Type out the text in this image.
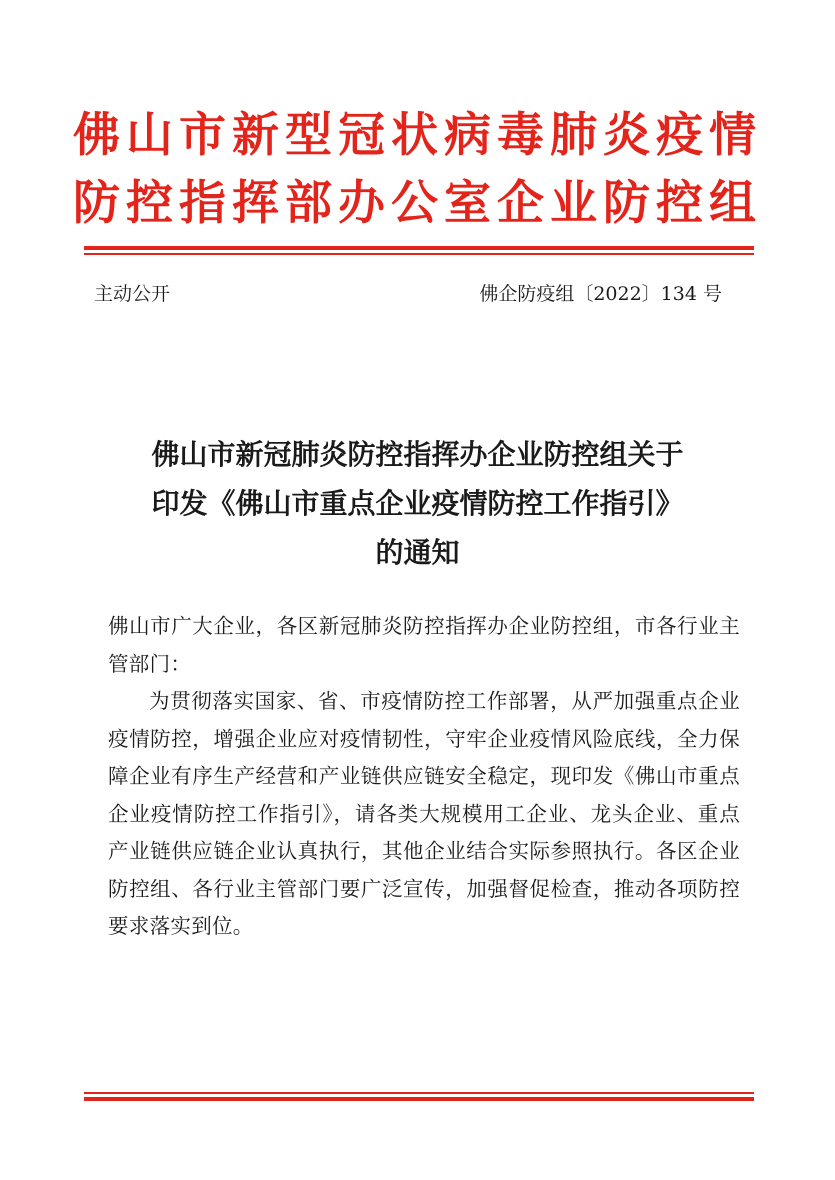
佛山市新型冠状病毒肺炎疫情
防控指挥部办公室企业防控组
主动公开	佛企防疫组〔2022〕134 号
佛山市新冠肺炎防控指挥办企业防控组关于
印发《佛山市重点企业疫情防控工作指引》
的通知

佛山市广大企业，各区新冠肺炎防控指挥办企业防控组，市各行业主管部门：

为贯彻落实国家、省、市疫情防控工作部署，从严加强重点企业疫情防控，增强企业应对疫情韧性，守牢企业疫情风险底线，全力保障企业有序生产经营和产业链供应链安全稳定，现印发《佛山市重点企业疫情防控工作指引》，请各类大规模用工企业、龙头企业、重点产业链供应链企业认真执行，其他企业结合实际参照执行。各区企业防控组、各行业主管部门要广泛宣传，加强督促检查，推动各项防控要求落实到位。
